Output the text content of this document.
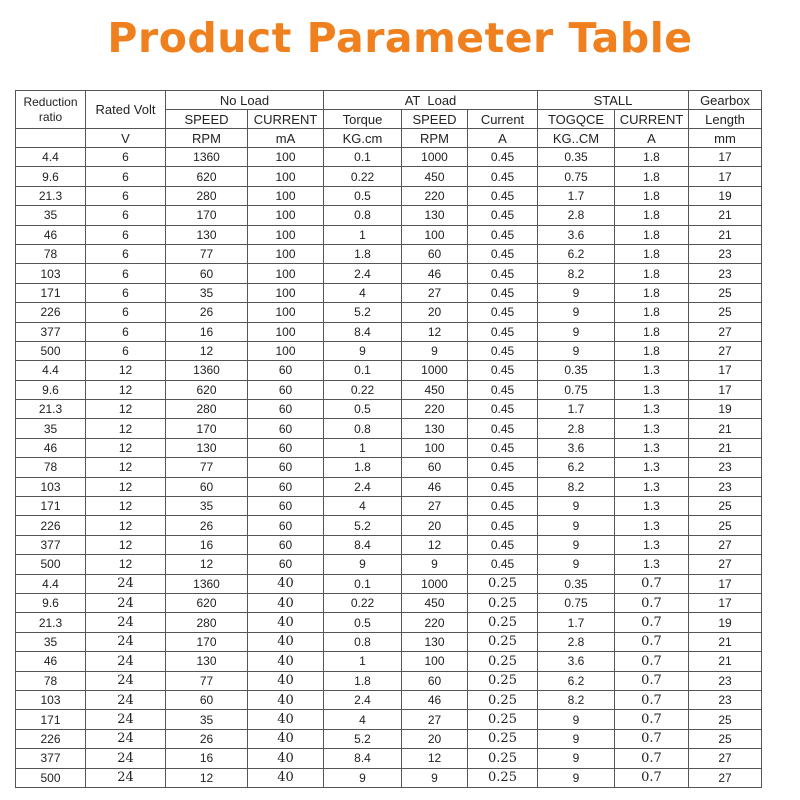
Product Parameter Table
Reduction ratio	Rated Volt	No Load		AT  Load			STALL		Gearbox
		SPEED	CURRENT	Torque	SPEED	Current	TOGQCE	CURRENT	Length
	V	RPM	mA	KG.cm	RPM	A	KG..CM	A	mm
4.4	6	1360	100	0.1	1000	0.45	0.35	1.8	17
9.6	6	620	100	0.22	450	0.45	0.75	1.8	17
21.3	6	280	100	0.5	220	0.45	1.7	1.8	19
35	6	170	100	0.8	130	0.45	2.8	1.8	21
46	6	130	100	1	100	0.45	3.6	1.8	21
78	6	77	100	1.8	60	0.45	6.2	1.8	23
103	6	60	100	2.4	46	0.45	8.2	1.8	23
171	6	35	100	4	27	0.45	9	1.8	25
226	6	26	100	5.2	20	0.45	9	1.8	25
377	6	16	100	8.4	12	0.45	9	1.8	27
500	6	12	100	9	9	0.45	9	1.8	27
4.4	12	1360	60	0.1	1000	0.45	0.35	1.3	17
9.6	12	620	60	0.22	450	0.45	0.75	1.3	17
21.3	12	280	60	0.5	220	0.45	1.7	1.3	19
35	12	170	60	0.8	130	0.45	2.8	1.3	21
46	12	130	60	1	100	0.45	3.6	1.3	21
78	12	77	60	1.8	60	0.45	6.2	1.3	23
103	12	60	60	2.4	46	0.45	8.2	1.3	23
171	12	35	60	4	27	0.45	9	1.3	25
226	12	26	60	5.2	20	0.45	9	1.3	25
377	12	16	60	8.4	12	0.45	9	1.3	27
500	12	12	60	9	9	0.45	9	1.3	27
4.4	24	1360	40	0.1	1000	0.25	0.35	0.7	17
9.6	24	620	40	0.22	450	0.25	0.75	0.7	17
21.3	24	280	40	0.5	220	0.25	1.7	0.7	19
35	24	170	40	0.8	130	0.25	2.8	0.7	21
46	24	130	40	1	100	0.25	3.6	0.7	21
78	24	77	40	1.8	60	0.25	6.2	0.7	23
103	24	60	40	2.4	46	0.25	8.2	0.7	23
171	24	35	40	4	27	0.25	9	0.7	25
226	24	26	40	5.2	20	0.25	9	0.7	25
377	24	16	40	8.4	12	0.25	9	0.7	27
500	24	12	40	9	9	0.25	9	0.7	27
